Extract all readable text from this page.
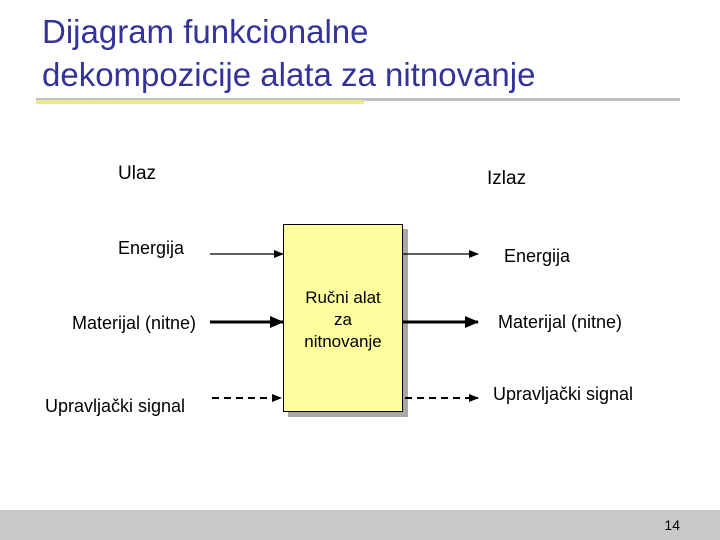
Dijagram funkcionalne
dekompozicije alata za nitnovanje
Ulaz	Izlaz
Energija
Materijal (nitne)
Upravljački signal
Energija
Materijal (nitne)
Upravljački signal
Ručni alat
za
nitnovanje
14
